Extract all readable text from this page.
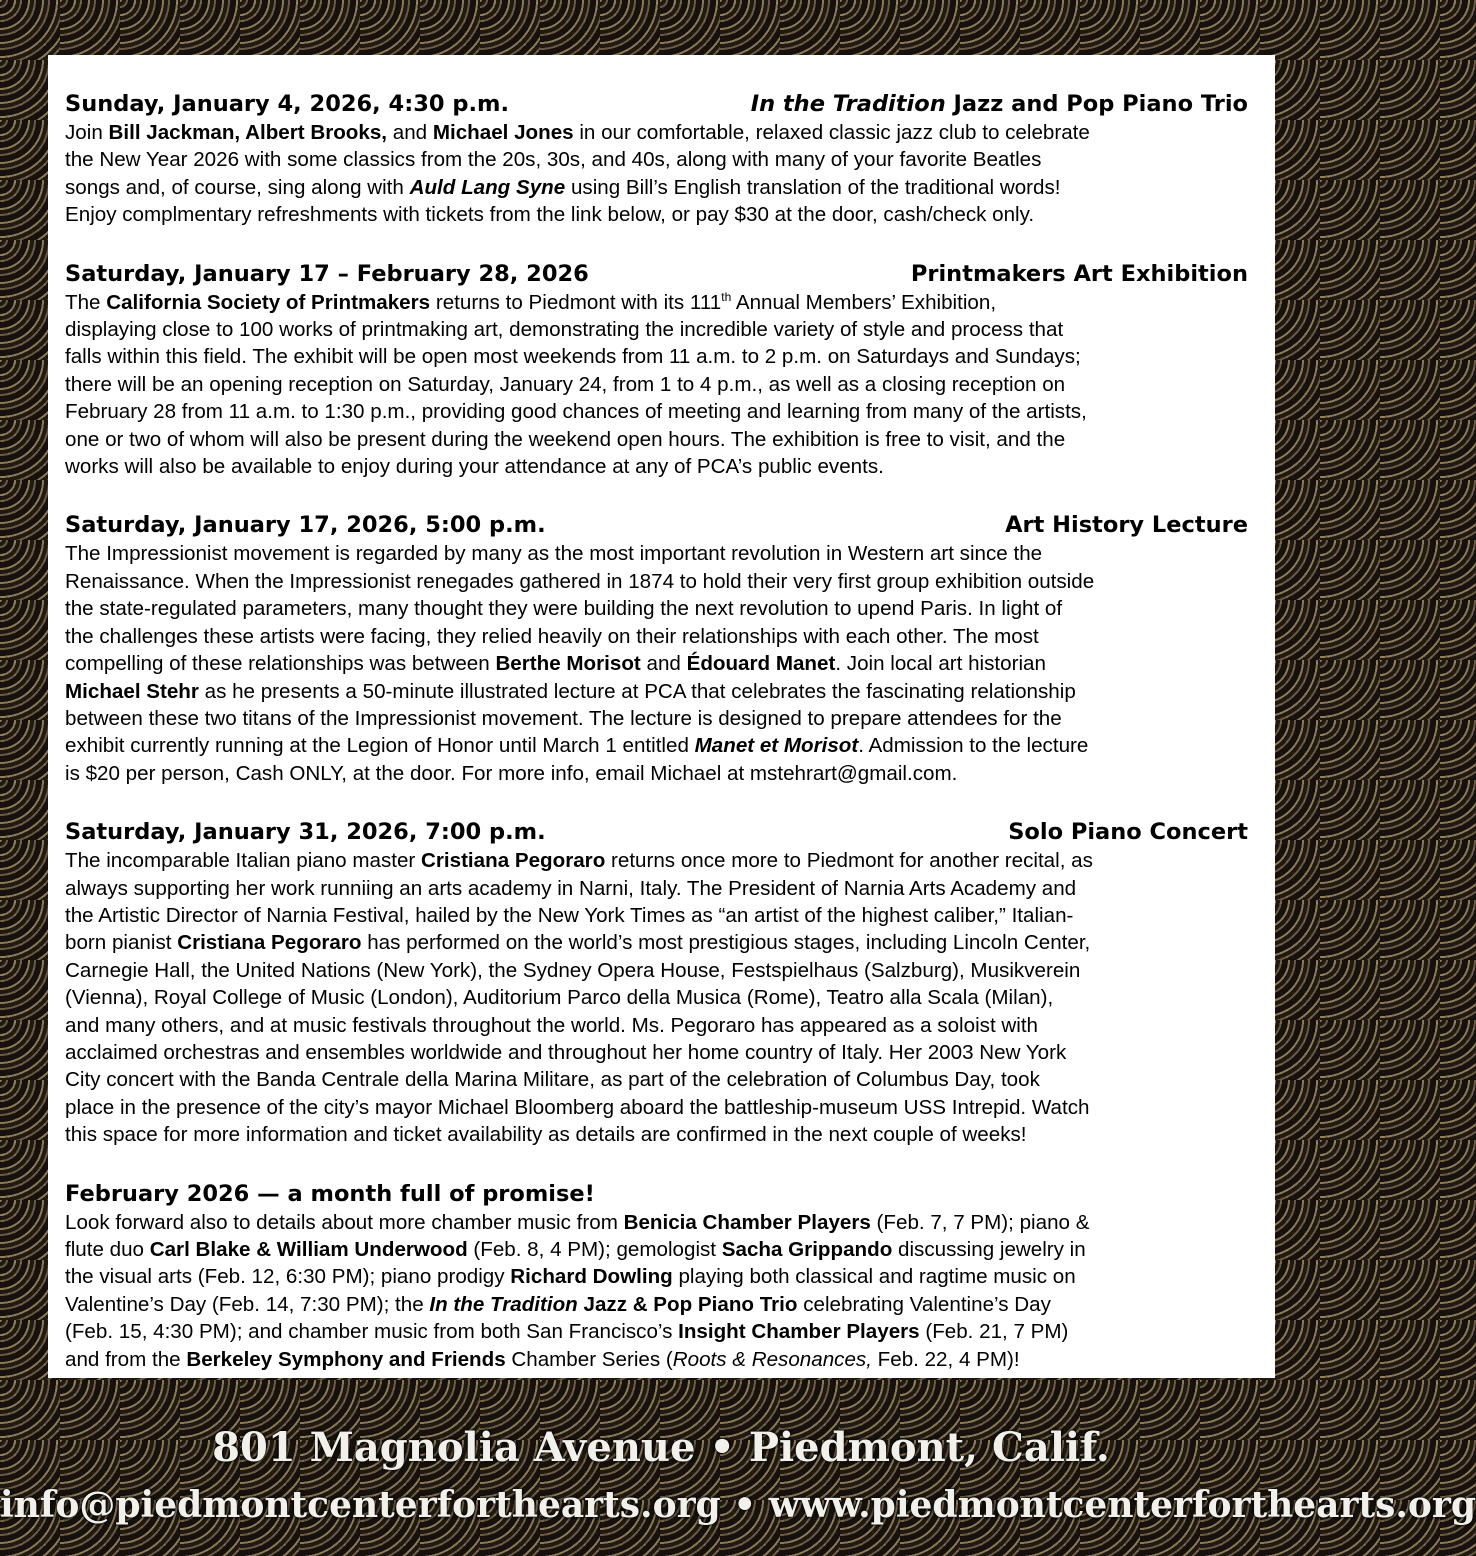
Sunday, January 4, 2026, 4:30 p.m.	In the Tradition Jazz and Pop Piano Trio
Join Bill Jackman, Albert Brooks, and Michael Jones in our comfortable, relaxed classic jazz club to celebrate
the New Year 2026 with some classics from the 20s, 30s, and 40s, along with many of your favorite Beatles
songs and, of course, sing along with Auld Lang Syne using Bill’s English translation of the traditional words!
Enjoy complmentary refreshments with tickets from the link below, or pay $30 at the door, cash/check only.
Saturday, January 17 – February 28, 2026	Printmakers Art Exhibition
The California Society of Printmakers returns to Piedmont with its 111th Annual Members’ Exhibition,
displaying close to 100 works of printmaking art, demonstrating the incredible variety of style and process that
falls within this field. The exhibit will be open most weekends from 11 a.m. to 2 p.m. on Saturdays and Sundays;
there will be an opening reception on Saturday, January 24, from 1 to 4 p.m., as well as a closing reception on
February 28 from 11 a.m. to 1:30 p.m., providing good chances of meeting and learning from many of the artists,
one or two of whom will also be present during the weekend open hours. The exhibition is free to visit, and the
works will also be available to enjoy during your attendance at any of PCA’s public events.
Saturday, January 17, 2026, 5:00 p.m.	Art History Lecture
The Impressionist movement is regarded by many as the most important revolution in Western art since the
Renaissance. When the Impressionist renegades gathered in 1874 to hold their very first group exhibition outside
the state-regulated parameters, many thought they were building the next revolution to upend Paris. In light of
the challenges these artists were facing, they relied heavily on their relationships with each other. The most
compelling of these relationships was between Berthe Morisot and Édouard Manet. Join local art historian
Michael Stehr as he presents a 50-minute illustrated lecture at PCA that celebrates the fascinating relationship
between these two titans of the Impressionist movement. The lecture is designed to prepare attendees for the
exhibit currently running at the Legion of Honor until March 1 entitled Manet et Morisot. Admission to the lecture
is $20 per person, Cash ONLY, at the door. For more info, email Michael at mstehrart@gmail.com.
Saturday, January 31, 2026, 7:00 p.m.	Solo Piano Concert
The incomparable Italian piano master Cristiana Pegoraro returns once more to Piedmont for another recital, as
always supporting her work runniing an arts academy in Narni, Italy. The President of Narnia Arts Academy and
the Artistic Director of Narnia Festival, hailed by the New York Times as “an artist of the highest caliber,” Italian-
born pianist Cristiana Pegoraro has performed on the world’s most prestigious stages, including Lincoln Center,
Carnegie Hall, the United Nations (New York), the Sydney Opera House, Festspielhaus (Salzburg), Musikverein
(Vienna), Royal College of Music (London), Auditorium Parco della Musica (Rome), Teatro alla Scala (Milan),
and many others, and at music festivals throughout the world. Ms. Pegoraro has appeared as a soloist with
acclaimed orchestras and ensembles worldwide and throughout her home country of Italy. Her 2003 New York
City concert with the Banda Centrale della Marina Militare, as part of the celebration of Columbus Day, took
place in the presence of the city’s mayor Michael Bloomberg aboard the battleship-museum USS Intrepid. Watch
this space for more information and ticket availability as details are confirmed in the next couple of weeks!
February 2026 — a month full of promise!
Look forward also to details about more chamber music from Benicia Chamber Players (Feb. 7, 7 PM); piano &
flute duo Carl Blake & William Underwood (Feb. 8, 4 PM); gemologist Sacha Grippando discussing jewelry in
the visual arts (Feb. 12, 6:30 PM); piano prodigy Richard Dowling playing both classical and ragtime music on
Valentine’s Day (Feb. 14, 7:30 PM); the In the Tradition Jazz & Pop Piano Trio celebrating Valentine’s Day
(Feb. 15, 4:30 PM); and chamber music from both San Francisco’s Insight Chamber Players (Feb. 21, 7 PM)
and from the Berkeley Symphony and Friends Chamber Series (Roots & Resonances, Feb. 22, 4 PM)!
801 Magnolia Avenue • Piedmont, Calif.
info@piedmontcenterforthearts.org • www.piedmontcenterforthearts.org
